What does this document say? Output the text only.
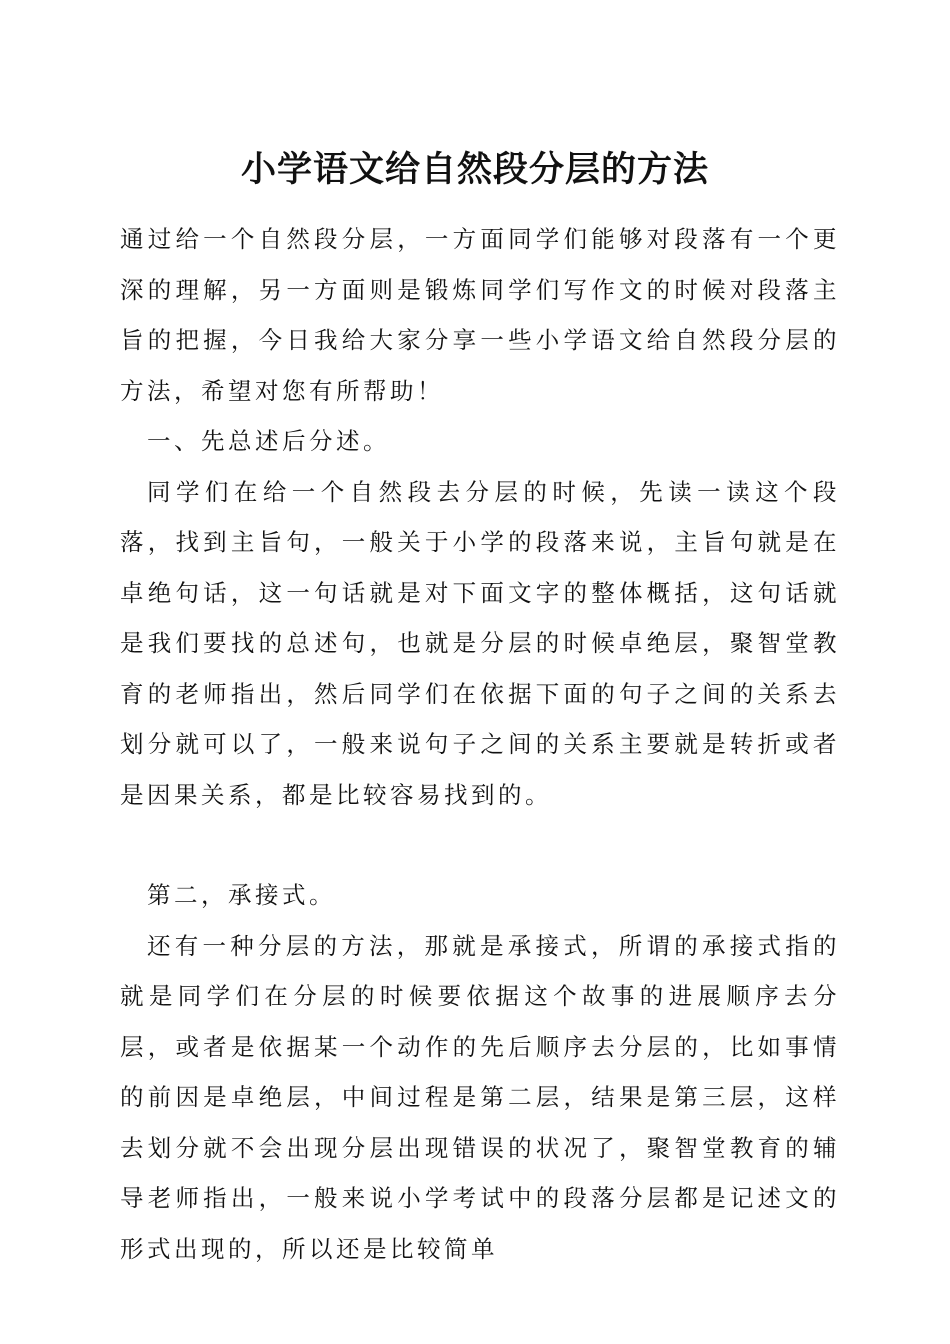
小学语文给自然段分层的方法

通过给一个自然段分层，一方面同学们能够对段落有一个更深的理解，另一方面则是锻炼同学们写作文的时候对段落主旨的把握，今日我给大家分享一些小学语文给自然段分层的方法，希望对您有所帮助！

一、先总述后分述。

同学们在给一个自然段去分层的时候，先读一读这个段落，找到主旨句，一般关于小学的段落来说，主旨句就是在卓绝句话，这一句话就是对下面文字的整体概括，这句话就是我们要找的总述句，也就是分层的时候卓绝层，聚智堂教育的老师指出，然后同学们在依据下面的句子之间的关系去划分就可以了，一般来说句子之间的关系主要就是转折或者是因果关系，都是比较容易找到的。

第二，承接式。

还有一种分层的方法，那就是承接式，所谓的承接式指的就是同学们在分层的时候要依据这个故事的进展顺序去分层，或者是依据某一个动作的先后顺序去分层的，比如事情的前因是卓绝层，中间过程是第二层，结果是第三层，这样去划分就不会出现分层出现错误的状况了，聚智堂教育的辅导老师指出，一般来说小学考试中的段落分层都是记述文的形式出现的，所以还是比较简单
